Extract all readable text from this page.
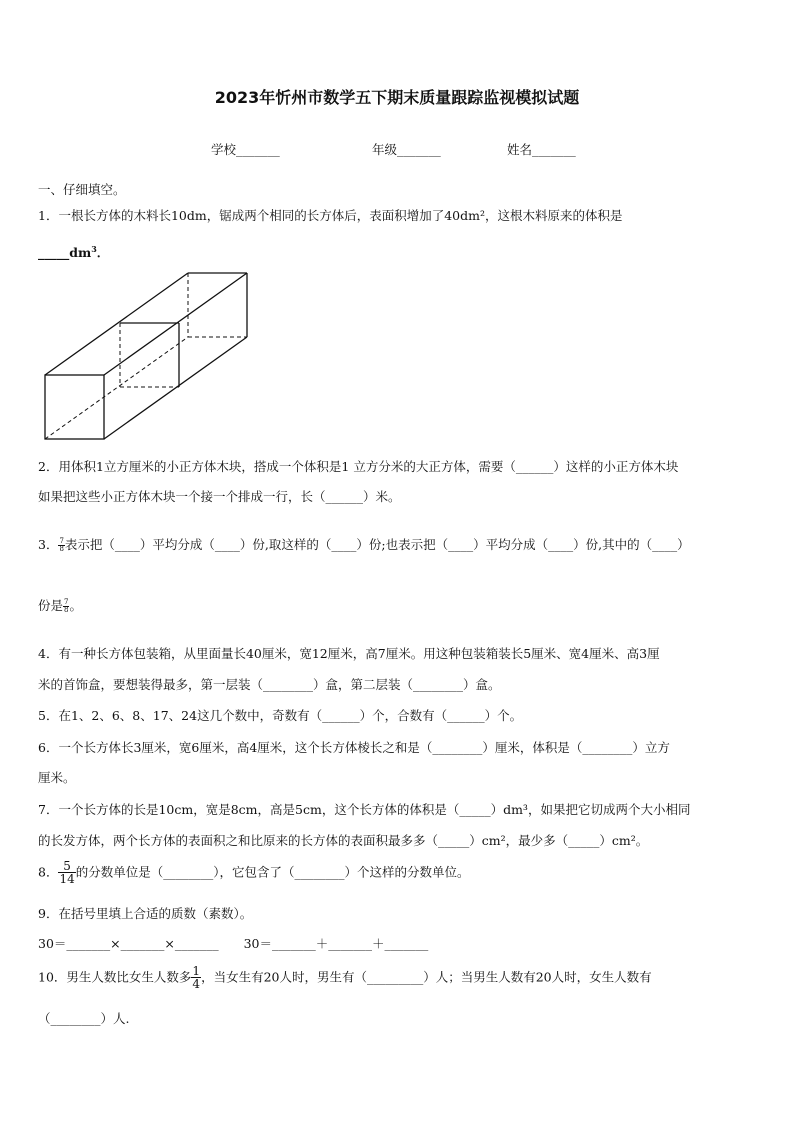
2023年忻州市数学五下期末质量跟踪监视模拟试题
学校_______	年级_______	姓名_______
一、仔细填空。
1．一根长方体的木料长10dm，锯成两个相同的长方体后，表面积增加了40dm²，这根木料原来的体积是
$\_\_\_\_\_dm^3$．
2．用体积1立方厘米的小正方体木块，搭成一个体积是1 立方分米的大正方体，需要（______）这样的小正方体木块
如果把这些小正方体木块一个接一个排成一行，长（______）米。
3． $\frac{7}{8}$ 表示把（____）平均分成（____）份,取这样的（____）份;也表示把（____）平均分成（____）份,其中的（____）
份是 $\frac{7}{8}$ 。
4．有一种长方体包装箱，从里面量长40厘米，宽12厘米，高7厘米。用这种包装箱装长5厘米、宽4厘米、高3厘
米的首饰盒，要想装得最多，第一层装（________）盒，第二层装（________）盒。
5．在1、2、6、8、17、24这几个数中，奇数有（______）个，合数有（______）个。
6．一个长方体长3厘米，宽6厘米，高4厘米，这个长方体棱长之和是（________）厘米，体积是（________）立方
厘米。
7．一个长方体的长是10cm，宽是8cm，高是5cm，这个长方体的体积是（_____）dm³，如果把它切成两个大小相同
的长发方体，两个长方体的表面积之和比原来的长方体的表面积最多多（_____）cm²，最少多（_____）cm²。
8． $\frac{5}{14}$ 的分数单位是（________），它包含了（________）个这样的分数单位。
9．在括号里填上合适的质数（素数）。
30＝_______×_______×_______　　30＝_______＋_______＋_______
10．男生人数比女生人数多 $\frac{1}{4}$ ，当女生有20人时，男生有（_________）人；当男生人数有20人时，女生人数有
（________）人.
